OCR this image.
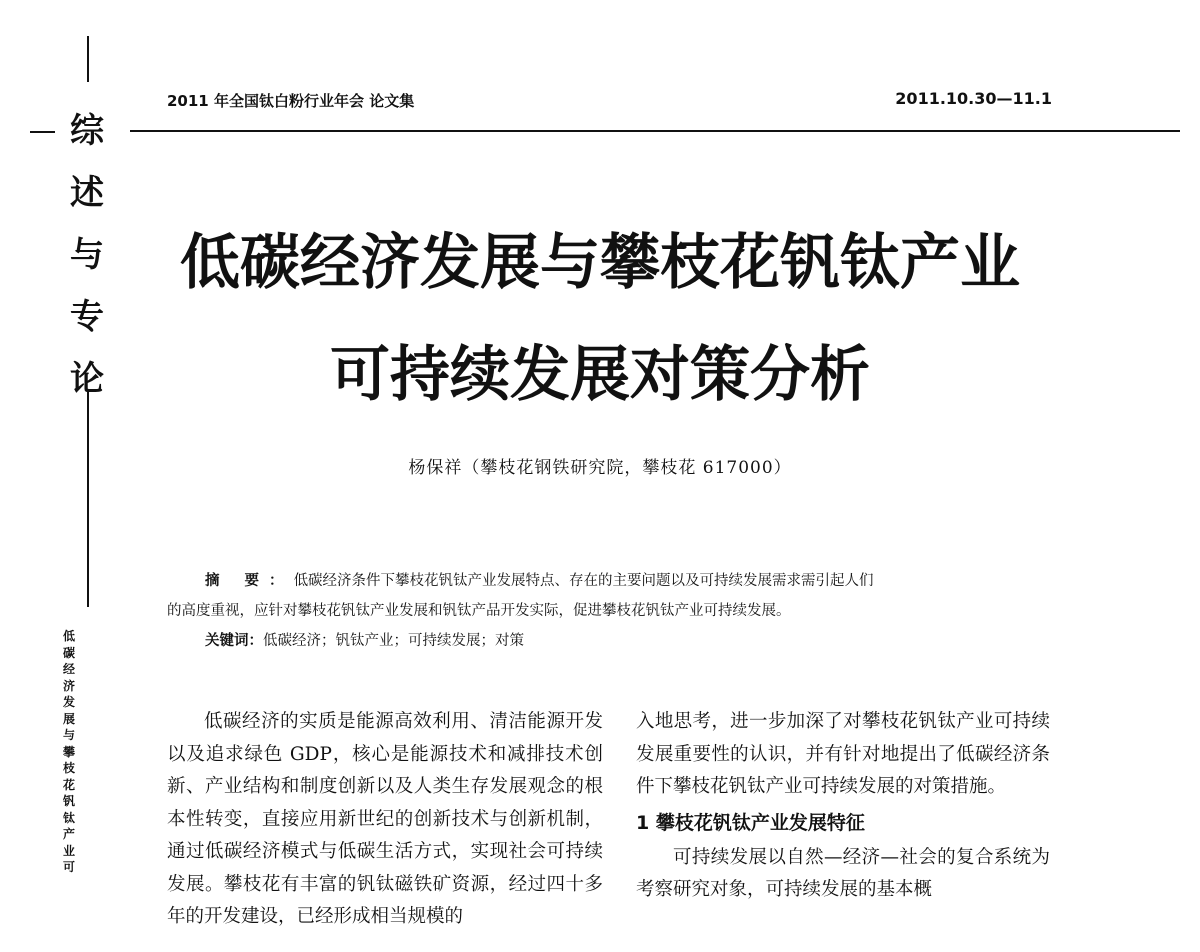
综
述
与
专
论
低
碳
经
济
发
展
与
攀
枝
花
钒
钛
产
业
可
2011 年全国钛白粉行业年会 论文集	2011.10.30—11.1
低碳经济发展与攀枝花钒钛产业
可持续发展对策分析
杨保祥（攀枝花钢铁研究院，攀枝花 617000）
摘 要：低碳经济条件下攀枝花钒钛产业发展特点、存在的主要问题以及可持续发展需求需引起人们
的高度重视，应针对攀枝花钒钛产业发展和钒钛产品开发实际，促进攀枝花钒钛产业可持续发展。
关键词：低碳经济；钒钛产业；可持续发展；对策

低碳经济的实质是能源高效利用、清洁能源开发以及追求绿色 GDP，核心是能源技术和减排技术创新、产业结构和制度创新以及人类生存发展观念的根本性转变，直接应用新世纪的创新技术与创新机制，通过低碳经济模式与低碳生活方式，实现社会可持续发展。攀枝花有丰富的钒钛磁铁矿资源，经过四十多年的开发建设，已经形成相当规模的

入地思考，进一步加深了对攀枝花钒钛产业可持续发展重要性的认识，并有针对地提出了低碳经济条件下攀枝花钒钛产业可持续发展的对策措施。

1 攀枝花钒钛产业发展特征

可持续发展以自然—经济—社会的复合系统为考察研究对象，可持续发展的基本概
